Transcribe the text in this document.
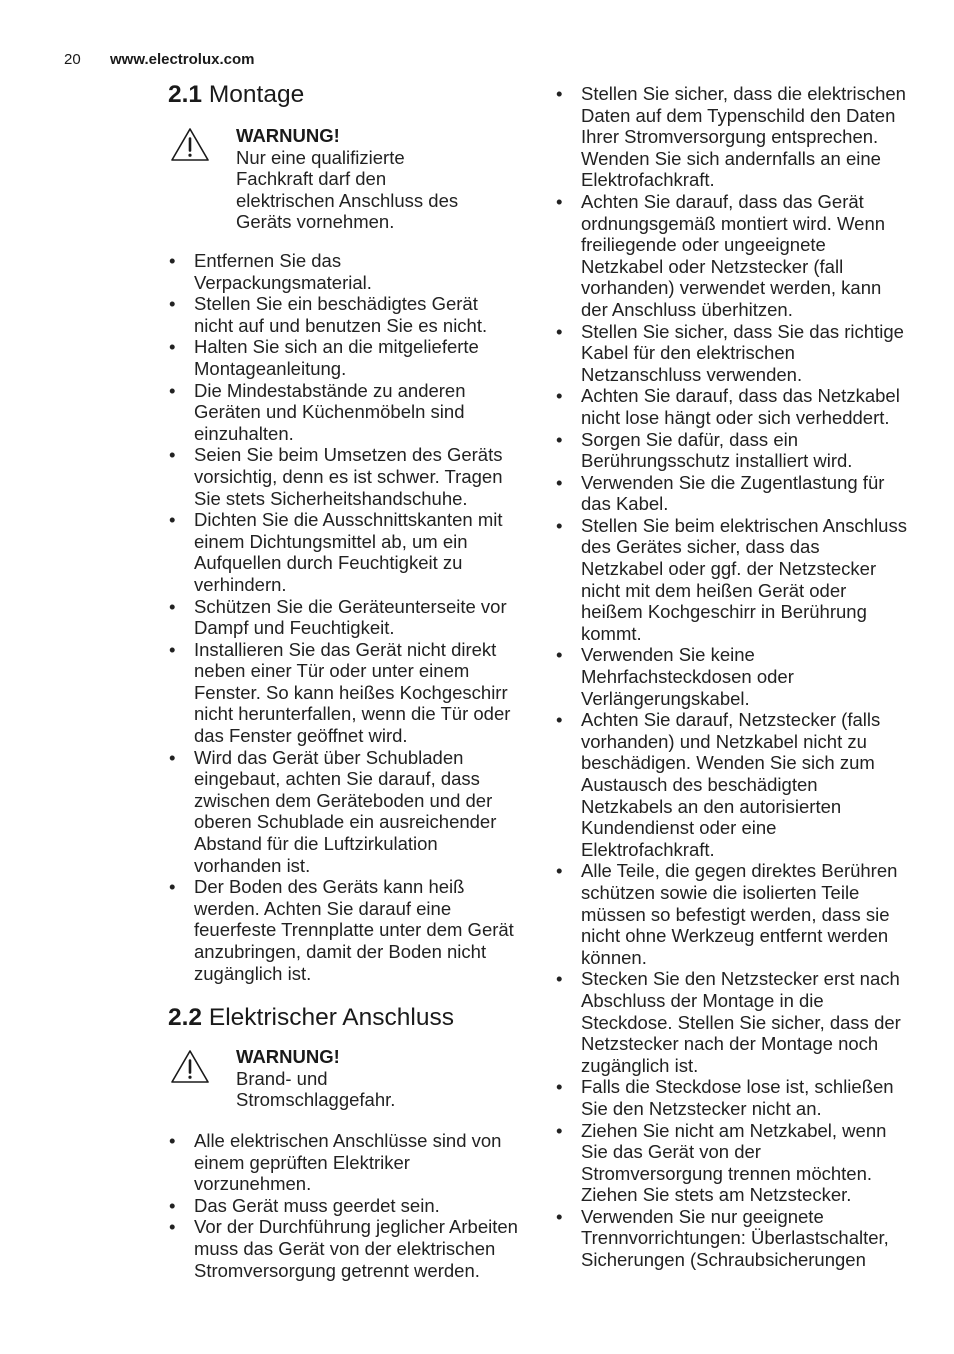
20 www.electrolux.com
2.1 Montage
WARNUNG!
Nur eine qualifizierte
Fachkraft darf den
elektrischen Anschluss des
Geräts vornehmen.
•
Entfernen Sie das
Verpackungsmaterial.
•
Stellen Sie ein beschädigtes Gerät
nicht auf und benutzen Sie es nicht.
•
Halten Sie sich an die mitgelieferte
Montageanleitung.
•
Die Mindestabstände zu anderen
Geräten und Küchenmöbeln sind
einzuhalten.
•
Seien Sie beim Umsetzen des Geräts
vorsichtig, denn es ist schwer. Tragen
Sie stets Sicherheitshandschuhe.
•
Dichten Sie die Ausschnittskanten mit
einem Dichtungsmittel ab, um ein
Aufquellen durch Feuchtigkeit zu
verhindern.
•
Schützen Sie die Geräteunterseite vor
Dampf und Feuchtigkeit.
•
Installieren Sie das Gerät nicht direkt
neben einer Tür oder unter einem
Fenster. So kann heißes Kochgeschirr
nicht herunterfallen, wenn die Tür oder
das Fenster geöffnet wird.
•
Wird das Gerät über Schubladen
eingebaut, achten Sie darauf, dass
zwischen dem Geräteboden und der
oberen Schublade ein ausreichender
Abstand für die Luftzirkulation
vorhanden ist.
•
Der Boden des Geräts kann heiß
werden. Achten Sie darauf eine
feuerfeste Trennplatte unter dem Gerät
anzubringen, damit der Boden nicht
zugänglich ist.
2.2 Elektrischer Anschluss
WARNUNG!
Brand- und
Stromschlaggefahr.
•
Alle elektrischen Anschlüsse sind von
einem geprüften Elektriker
vorzunehmen.
•
Das Gerät muss geerdet sein.
•
Vor der Durchführung jeglicher Arbeiten
muss das Gerät von der elektrischen
Stromversorgung getrennt werden.
•
Stellen Sie sicher, dass die elektrischen
Daten auf dem Typenschild den Daten
Ihrer Stromversorgung entsprechen.
Wenden Sie sich andernfalls an eine
Elektrofachkraft.
•
Achten Sie darauf, dass das Gerät
ordnungsgemäß montiert wird. Wenn
freiliegende oder ungeeignete
Netzkabel oder Netzstecker (fall
vorhanden) verwendet werden, kann
der Anschluss überhitzen.
•
Stellen Sie sicher, dass Sie das richtige
Kabel für den elektrischen
Netzanschluss verwenden.
•
Achten Sie darauf, dass das Netzkabel
nicht lose hängt oder sich verheddert.
•
Sorgen Sie dafür, dass ein
Berührungsschutz installiert wird.
•
Verwenden Sie die Zugentlastung für
das Kabel.
•
Stellen Sie beim elektrischen Anschluss
des Gerätes sicher, dass das
Netzkabel oder ggf. der Netzstecker
nicht mit dem heißen Gerät oder
heißem Kochgeschirr in Berührung
kommt.
•
Verwenden Sie keine
Mehrfachsteckdosen oder
Verlängerungskabel.
•
Achten Sie darauf, Netzstecker (falls
vorhanden) und Netzkabel nicht zu
beschädigen. Wenden Sie sich zum
Austausch des beschädigten
Netzkabels an den autorisierten
Kundendienst oder eine
Elektrofachkraft.
•
Alle Teile, die gegen direktes Berühren
schützen sowie die isolierten Teile
müssen so befestigt werden, dass sie
nicht ohne Werkzeug entfernt werden
können.
•
Stecken Sie den Netzstecker erst nach
Abschluss der Montage in die
Steckdose. Stellen Sie sicher, dass der
Netzstecker nach der Montage noch
zugänglich ist.
•
Falls die Steckdose lose ist, schließen
Sie den Netzstecker nicht an.
•
Ziehen Sie nicht am Netzkabel, wenn
Sie das Gerät von der
Stromversorgung trennen möchten.
Ziehen Sie stets am Netzstecker.
•
Verwenden Sie nur geeignete
Trennvorrichtungen: Überlastschalter,
Sicherungen (Schraubsicherungen
